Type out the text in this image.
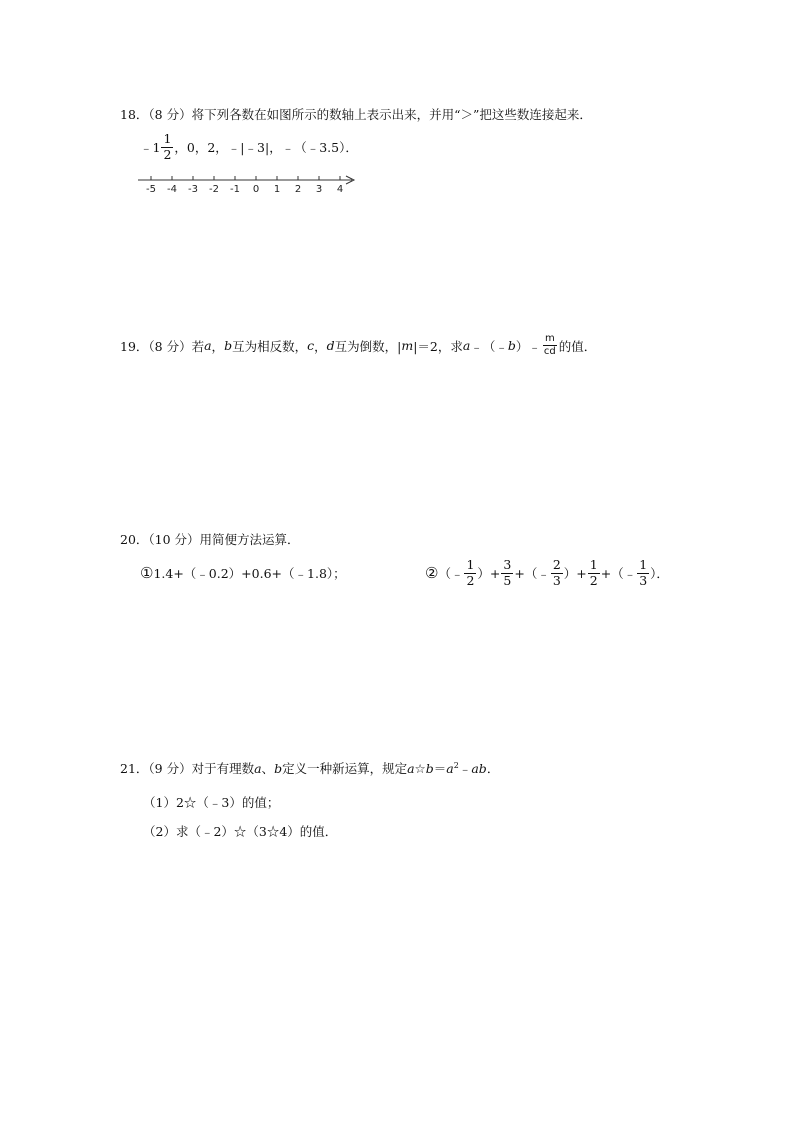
18．（8 分）将下列各数在如图所示的数轴上表示出来，并用“＞”把这些数连接起来．
﹣1 $\frac{1}{2}$ ，0，2，﹣|﹣3|，﹣（﹣3.5）．
-5 -4 -3 -2 -1 0 1 2 3 4
19．（8 分）若 a ， b 互为相反数， c ， d 互为倒数，| m |＝2，求 a ﹣（﹣ b ）﹣ $\frac{m}{cd}$ 的值．
20．（10 分）用简便方法运算．
① 1.4+（﹣0.2）+0.6+（﹣1.8）；	② （﹣ $\frac{1}{2}$ ）+ $\frac{3}{5}$ +（﹣ $\frac{2}{3}$ ）+ $\frac{1}{2}$ +（﹣ $\frac{1}{3}$ ）．
21．（9 分）对于有理数a、b定义一种新运算，规定$a☆b=a^2﹣ab$．
（1）2☆（﹣3）的值；
（2）求（﹣2）☆（3☆4）的值．
